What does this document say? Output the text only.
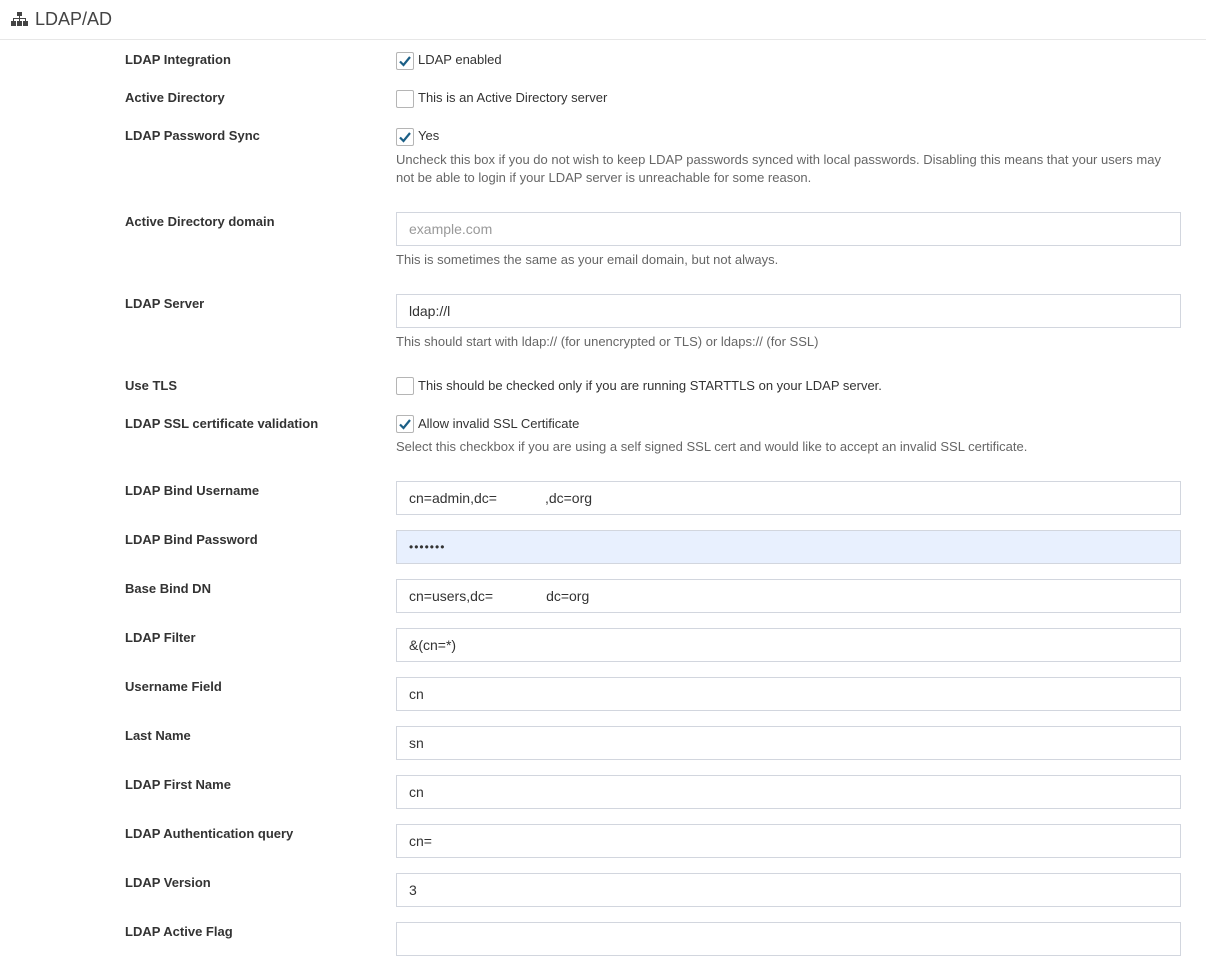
LDAP/AD
LDAP Integration	LDAP enabled
Active Directory	This is an Active Directory server
LDAP Password Sync	Yes
Uncheck this box if you do not wish to keep LDAP passwords synced with local passwords. Disabling this means that your users may not be able to login if your LDAP server is unreachable for some reason.
Active Directory domain	example.com
This is sometimes the same as your email domain, but not always.
LDAP Server	ldap://l
This should start with ldap:// (for unencrypted or TLS) or ldaps:// (for SSL)
Use TLS	This should be checked only if you are running STARTTLS on your LDAP server.
LDAP SSL certificate validation	Allow invalid SSL Certificate
Select this checkbox if you are using a self signed SSL cert and would like to accept an invalid SSL certificate.
LDAP Bind Username	cn=admin,dc=	,dc=org
LDAP Bind Password	•••••••
Base Bind DN	cn=users,dc=	dc=org
LDAP Filter	&(cn=*)
Username Field	cn
Last Name	sn
LDAP First Name	cn
LDAP Authentication query	cn=
LDAP Version	3
LDAP Active Flag
